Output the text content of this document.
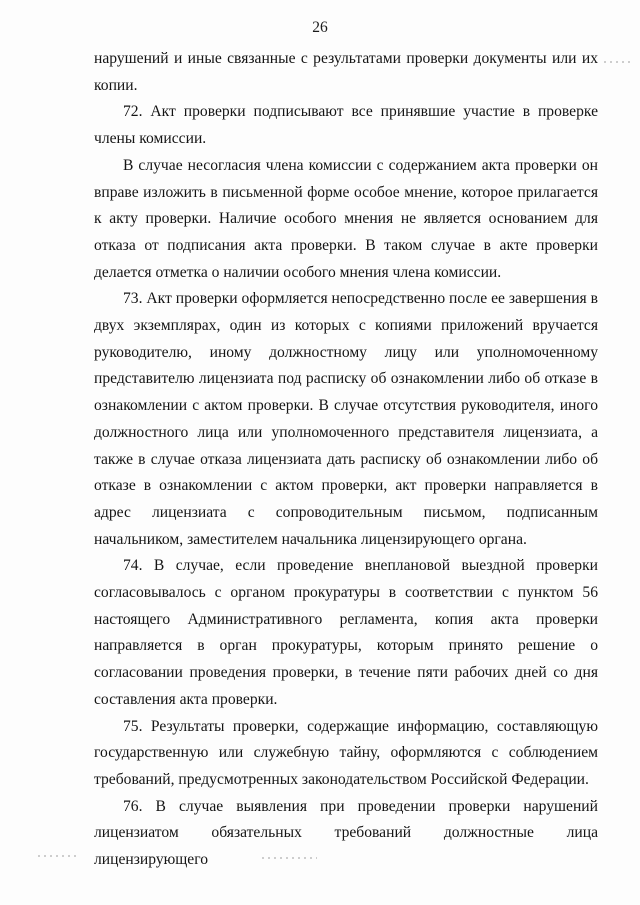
26

нарушений и иные связанные с результатами проверки документы или их копии.

72. Акт проверки подписывают все принявшие участие в проверке члены комиссии.

В случае несогласия члена комиссии с содержанием акта проверки он вправе изложить в письменной форме особое мнение, которое прилагается к акту проверки. Наличие особого мнения не является основанием для отказа от подписания акта проверки. В таком случае в акте проверки делается отметка о наличии особого мнения члена комиссии.

73. Акт проверки оформляется непосредственно после ее завершения в двух экземплярах, один из которых с копиями приложений вручается руководителю, иному должностному лицу или уполномоченному представителю лицензиата под расписку об ознакомлении либо об отказе в ознакомлении с актом проверки. В случае отсутствия руководителя, иного должностного лица или уполномоченного представителя лицензиата, а также в случае отказа лицензиата дать расписку об ознакомлении либо об отказе в ознакомлении с актом проверки, акт проверки направляется в адрес лицензиата с сопроводительным письмом, подписанным начальником, заместителем начальника лицензирующего органа.

74. В случае, если проведение внеплановой выездной проверки согласовывалось с органом прокуратуры в соответствии с пунктом 56 настоящего Административного регламента, копия акта проверки направляется в орган прокуратуры, которым принято решение о согласовании проведения проверки, в течение пяти рабочих дней со дня составления акта проверки.

75. Результаты проверки, содержащие информацию, составляющую государственную или служебную тайну, оформляются с соблюдением требований, предусмотренных законодательством Российской Федерации.

76. В случае выявления при проведении проверки нарушений лицензиатом обязательных требований должностные лица лицензирующего
